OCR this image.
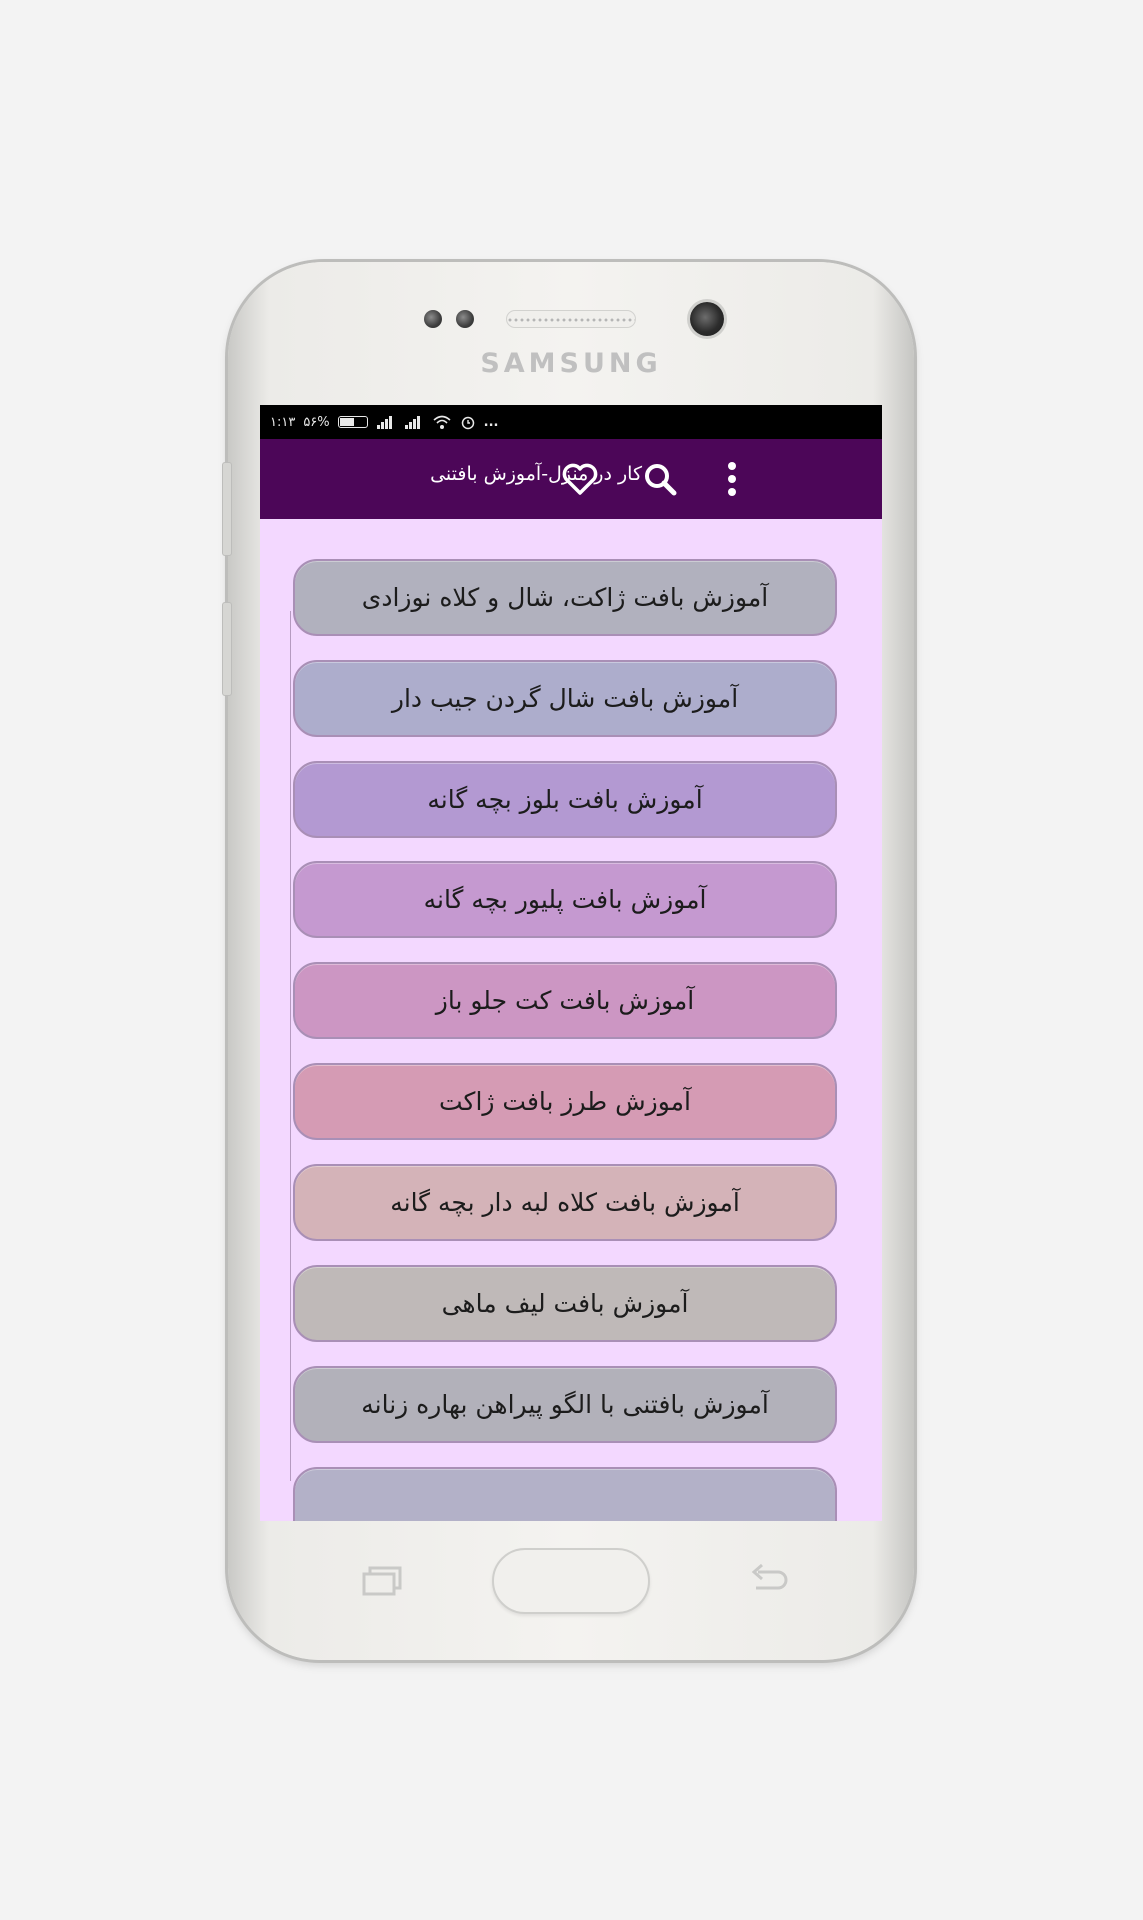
SAMSUNG
۱:۱۳ ۵۶%	...
کار در منزل-آموزش بافتنی
آموزش بافت ژاکت، شال و کلاه نوزادی
آموزش بافت شال گردن جیب دار
آموزش بافت بلوز بچه گانه
آموزش بافت پلیور بچه گانه
آموزش بافت کت جلو باز
آموزش طرز بافت ژاکت
آموزش بافت کلاه لبه دار بچه گانه
آموزش بافت لیف ماهی
آموزش بافتنی با الگو پیراهن بهاره زنانه
